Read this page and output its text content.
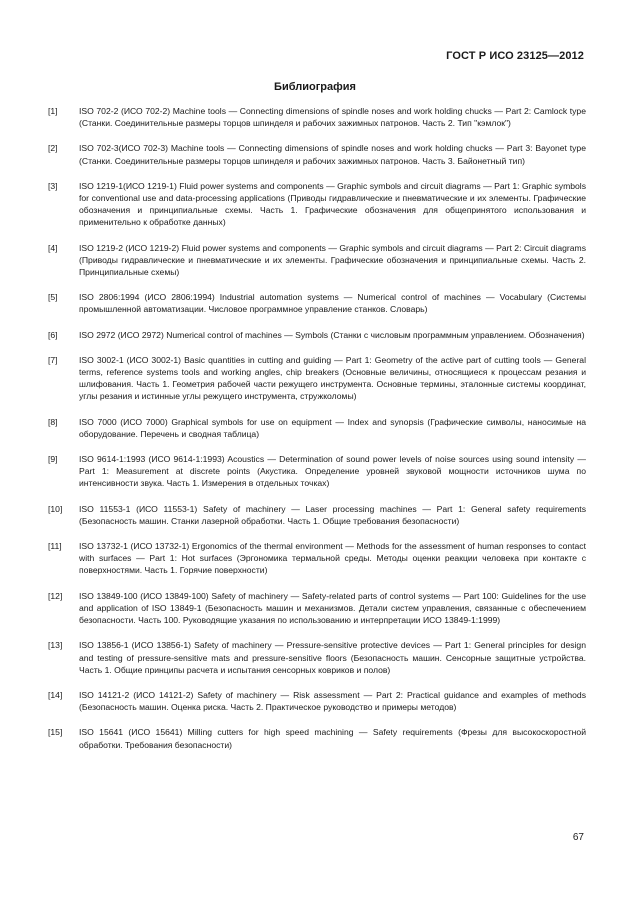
ГОСТ Р ИСО 23125—2012
Библиография
[1]	ISO 702-2 (ИСО 702-2) Machine tools — Connecting dimensions of spindle noses and work holding chucks — Part 2: Camlock type (Станки. Соединительные размеры торцов шпинделя и рабочих зажимных патронов. Часть 2. Тип "кэмлок")
[2]	ISO 702-3(ИСО 702-3) Machine tools — Connecting dimensions of spindle noses and work holding chucks — Part 3: Bayonet type (Станки. Соединительные размеры торцов шпинделя и рабочих зажимных патронов. Часть 3. Байонетный тип)
[3]	ISO 1219-1(ИСО 1219-1) Fluid power systems and components — Graphic symbols and circuit diagrams — Part 1: Graphic symbols for conventional use and data-processing applications (Приводы гидравлические и пневматические и их элементы. Графические обозначения и принципиальные схемы. Часть 1. Графические обозначения для общепринятого использования и применительно к обработке данных)
[4]	ISO 1219-2 (ИСО 1219-2) Fluid power systems and components — Graphic symbols and circuit diagrams — Part 2: Circuit diagrams (Приводы гидравлические и пневматические и их элементы. Графические обозначения и принципиальные схемы. Часть 2. Принципиальные схемы)
[5]	ISO 2806:1994 (ИСО 2806:1994) Industrial automation systems — Numerical control of machines — Vocabulary (Системы промышленной автоматизации. Числовое программное управление станков. Словарь)
[6]	ISO 2972 (ИСО 2972) Numerical control of machines — Symbols (Станки с числовым программным управлением. Обозначения)
[7]	ISO 3002-1 (ИСО 3002-1) Basic quantities in cutting and guiding — Part 1: Geometry of the active part of cutting tools — General terms, reference systems tools and working angles, chip breakers (Основные величины, относящиеся к процессам резания и шлифования. Часть 1. Геометрия рабочей части режущего инструмента. Основные термины, эталонные системы координат, углы резания и истинные углы режущего инструмента, стружколомы)
[8]	ISO 7000 (ИСО 7000) Graphical symbols for use on equipment — Index and synopsis (Графические символы, наносимые на оборудование. Перечень и сводная таблица)
[9]	ISO 9614-1:1993 (ИСО 9614-1:1993) Acoustics — Determination of sound power levels of noise sources using sound intensity — Part 1: Measurement at discrete points (Акустика. Определение уровней звуковой мощности источников шума по интенсивности звука. Часть 1. Измерения в отдельных точках)
[10]	ISO 11553-1 (ИСО 11553-1) Safety of machinery — Laser processing machines — Part 1: General safety requirements (Безопасность машин. Станки лазерной обработки. Часть 1. Общие требования безопасности)
[11]	ISO 13732-1 (ИСО 13732-1) Ergonomics of the thermal environment — Methods for the assessment of human responses to contact with surfaces — Part 1: Hot surfaces (Эргономика термальной среды. Методы оценки реакции человека при контакте с поверхностями. Часть 1. Горячие поверхности)
[12]	ISO 13849-100 (ИСО 13849-100) Safety of machinery — Safety-related parts of control systems — Part 100: Guidelines for the use and application of ISO 13849-1 (Безопасность машин и механизмов. Детали систем управления, связанные с обеспечением безопасности. Часть 100. Руководящие указания по использованию и интерпретации ИСО 13849-1:1999)
[13]	ISO 13856-1 (ИСО 13856-1) Safety of machinery — Pressure-sensitive protective devices — Part 1: General principles for design and testing of pressure-sensitive mats and pressure-sensitive floors (Безопасность машин. Сенсорные защитные устройства. Часть 1. Общие принципы расчета и испытания сенсорных ковриков и полов)
[14]	ISO 14121-2 (ИСО 14121-2) Safety of machinery — Risk assessment — Part 2: Practical guidance and examples of methods (Безопасность машин. Оценка риска. Часть 2. Практическое руководство и примеры методов)
[15]	ISO 15641 (ИСО 15641) Milling cutters for high speed machining — Safety requirements (Фрезы для высокоскоростной обработки. Требования безопасности)
67
